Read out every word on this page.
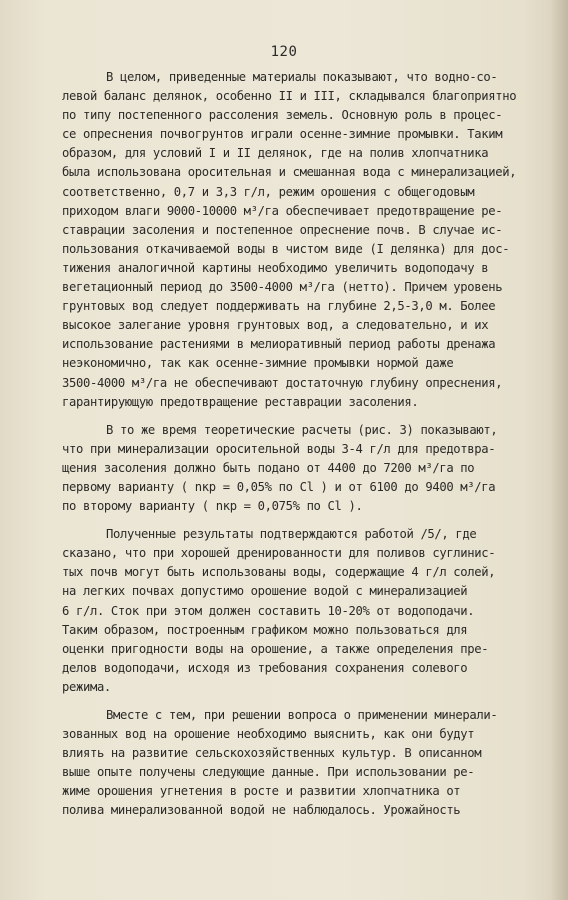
120
В целом, приведенные материалы показывают, что водно-со-
левой баланс делянок, особенно II и III, складывался благоприятно
по типу постепенного рассоления земель. Основную роль в процес-
се опреснения почвогрунтов играли осенне-зимние промывки. Таким
образом, для условий I и II делянок, где на полив хлопчатника
была использована оросительная и смешанная вода с минерализацией,
соответственно, 0,7 и 3,3 г/л, режим орошения с общегодовым
приходом влаги 9000-10000 м³/га обеспечивает предотвращение ре-
ставрации засоления и постепенное опреснение почв. В случае ис-
пользования откачиваемой воды в чистом виде (I делянка) для дос-
тижения аналогичной картины необходимо увеличить водоподачу в
вегетационный период до 3500-4000 м³/га (нетто). Причем уровень
грунтовых вод следует поддерживать на глубине 2,5-3,0 м. Более
высокое залегание уровня грунтовых вод, а следовательно, и их
использование растениями в мелиоративный период работы дренажа
неэкономично, так как осенне-зимние промывки нормой даже
3500-4000 м³/га не обеспечивают достаточную глубину опреснения,
гарантирующую предотвращение реставрации засоления.
В то же время теоретические расчеты (рис. 3) показывают,
что при минерализации оросительной воды 3-4 г/л для предотвра-
щения засоления должно быть подано от 4400 до 7200 м³/га по
первому варианту ( nкр = 0,05% по Cl ) и от 6100 до 9400 м³/га
по второму варианту ( nкр = 0,075% по Cl ).
Полученные результаты подтверждаются работой /5/, где
сказано, что при хорошей дренированности для поливов суглинис-
тых почв могут быть использованы воды, содержащие 4 г/л солей,
на легких почвах допустимо орошение водой с минерализацией
6 г/л. Сток при этом должен составить 10-20% от водоподачи.
Таким образом, построенным графиком можно пользоваться для
оценки пригодности воды на орошение, а также определения пре-
делов водоподачи, исходя из требования сохранения солевого
режима.
Вместе с тем, при решении вопроса о применении минерали-
зованных вод на орошение необходимо выяснить, как они будут
влиять на развитие сельскохозяйственных культур. В описанном
выше опыте получены следующие данные. При использовании ре-
жиме орошения угнетения в росте и развитии хлопчатника от
полива минерализованной водой не наблюдалось. Урожайность
